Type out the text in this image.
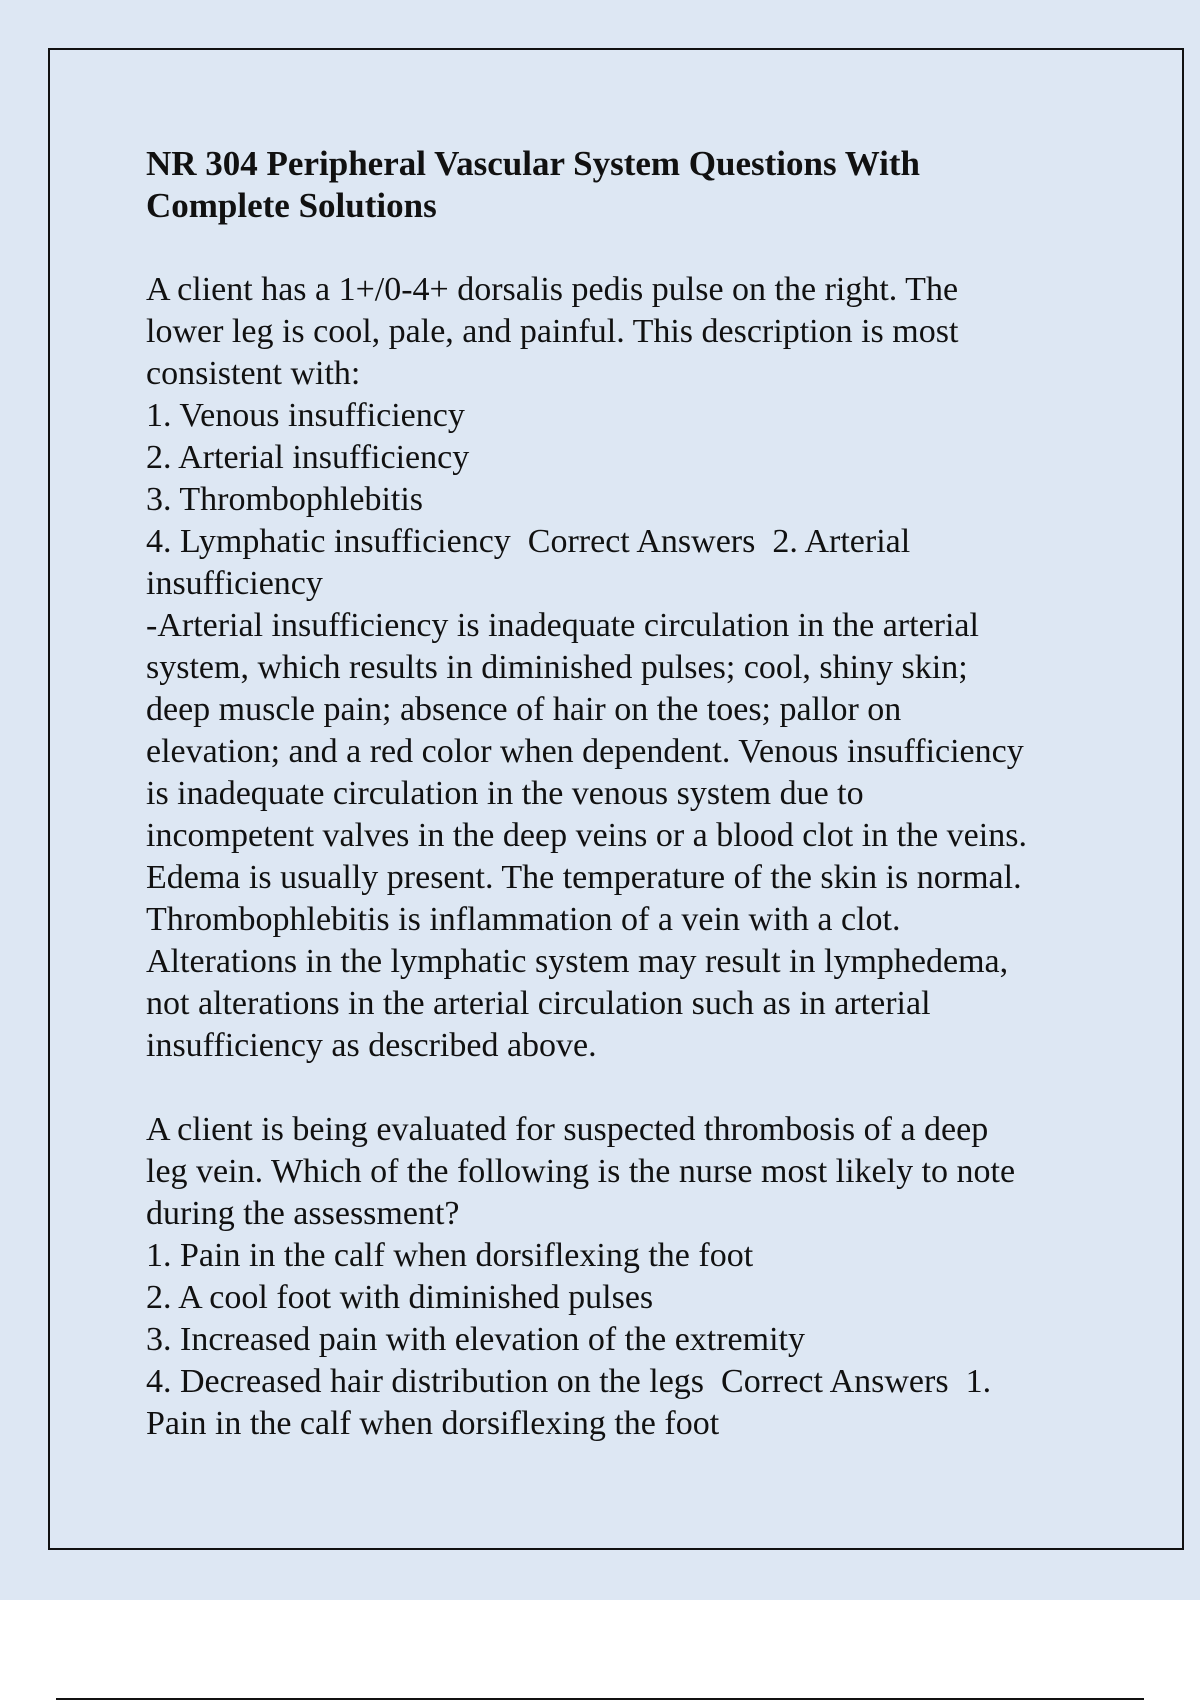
NR 304 Peripheral Vascular System Questions With
Complete Solutions
A client has a 1+/0-4+ dorsalis pedis pulse on the right. The
lower leg is cool, pale, and painful. This description is most
consistent with:
1. Venous insufficiency
2. Arterial insufficiency
3. Thrombophlebitis
4. Lymphatic insufficiency  Correct Answers  2. Arterial
insufficiency
-Arterial insufficiency is inadequate circulation in the arterial
system, which results in diminished pulses; cool, shiny skin;
deep muscle pain; absence of hair on the toes; pallor on
elevation; and a red color when dependent. Venous insufficiency
is inadequate circulation in the venous system due to
incompetent valves in the deep veins or a blood clot in the veins.
Edema is usually present. The temperature of the skin is normal.
Thrombophlebitis is inflammation of a vein with a clot.
Alterations in the lymphatic system may result in lymphedema,
not alterations in the arterial circulation such as in arterial
insufficiency as described above.
A client is being evaluated for suspected thrombosis of a deep
leg vein. Which of the following is the nurse most likely to note
during the assessment?
1. Pain in the calf when dorsiflexing the foot
2. A cool foot with diminished pulses
3. Increased pain with elevation of the extremity
4. Decreased hair distribution on the legs  Correct Answers  1.
Pain in the calf when dorsiflexing the foot
